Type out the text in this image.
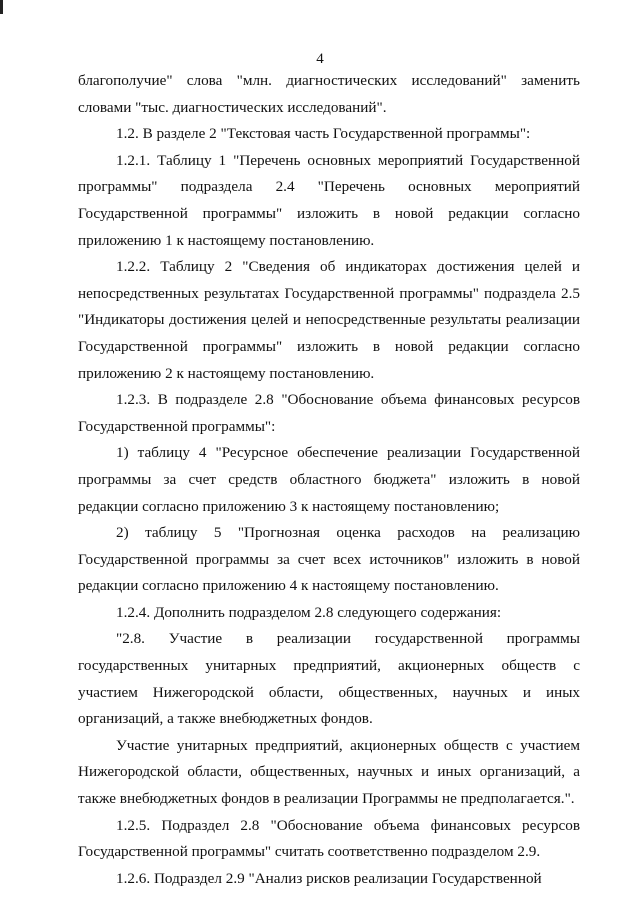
4
благополучие" слова "млн. диагностических исследований" заменить
словами "тыс. диагностических исследований".
1.2. В разделе 2 "Текстовая часть Государственной программы":
1.2.1. Таблицу 1 "Перечень основных мероприятий Государственной
программы" подраздела 2.4 "Перечень основных мероприятий
Государственной программы" изложить в новой редакции согласно
приложению 1 к настоящему постановлению.
1.2.2. Таблицу 2 "Сведения об индикаторах достижения целей и
непосредственных результатах Государственной программы" подраздела 2.5
"Индикаторы достижения целей и непосредственные результаты реализации
Государственной программы" изложить в новой редакции согласно
приложению 2 к настоящему постановлению.
1.2.3. В подразделе 2.8 "Обоснование объема финансовых ресурсов
Государственной программы":
1) таблицу 4 "Ресурсное обеспечение реализации Государственной
программы за счет средств областного бюджета" изложить в новой
редакции согласно приложению 3 к настоящему постановлению;
2) таблицу 5 "Прогнозная оценка расходов на реализацию
Государственной программы за счет всех источников" изложить в новой
редакции согласно приложению 4 к настоящему постановлению.
1.2.4. Дополнить подразделом 2.8 следующего содержания:
"2.8. Участие в реализации государственной программы
государственных унитарных предприятий, акционерных обществ с
участием Нижегородской области, общественных, научных и иных
организаций, а также внебюджетных фондов.
Участие унитарных предприятий, акционерных обществ с участием
Нижегородской области, общественных, научных и иных организаций, а
также внебюджетных фондов в реализации Программы не предполагается.".
1.2.5. Подраздел 2.8 "Обоснование объема финансовых ресурсов
Государственной программы" считать соответственно подразделом 2.9.
1.2.6. Подраздел 2.9 "Анализ рисков реализации Государственной
